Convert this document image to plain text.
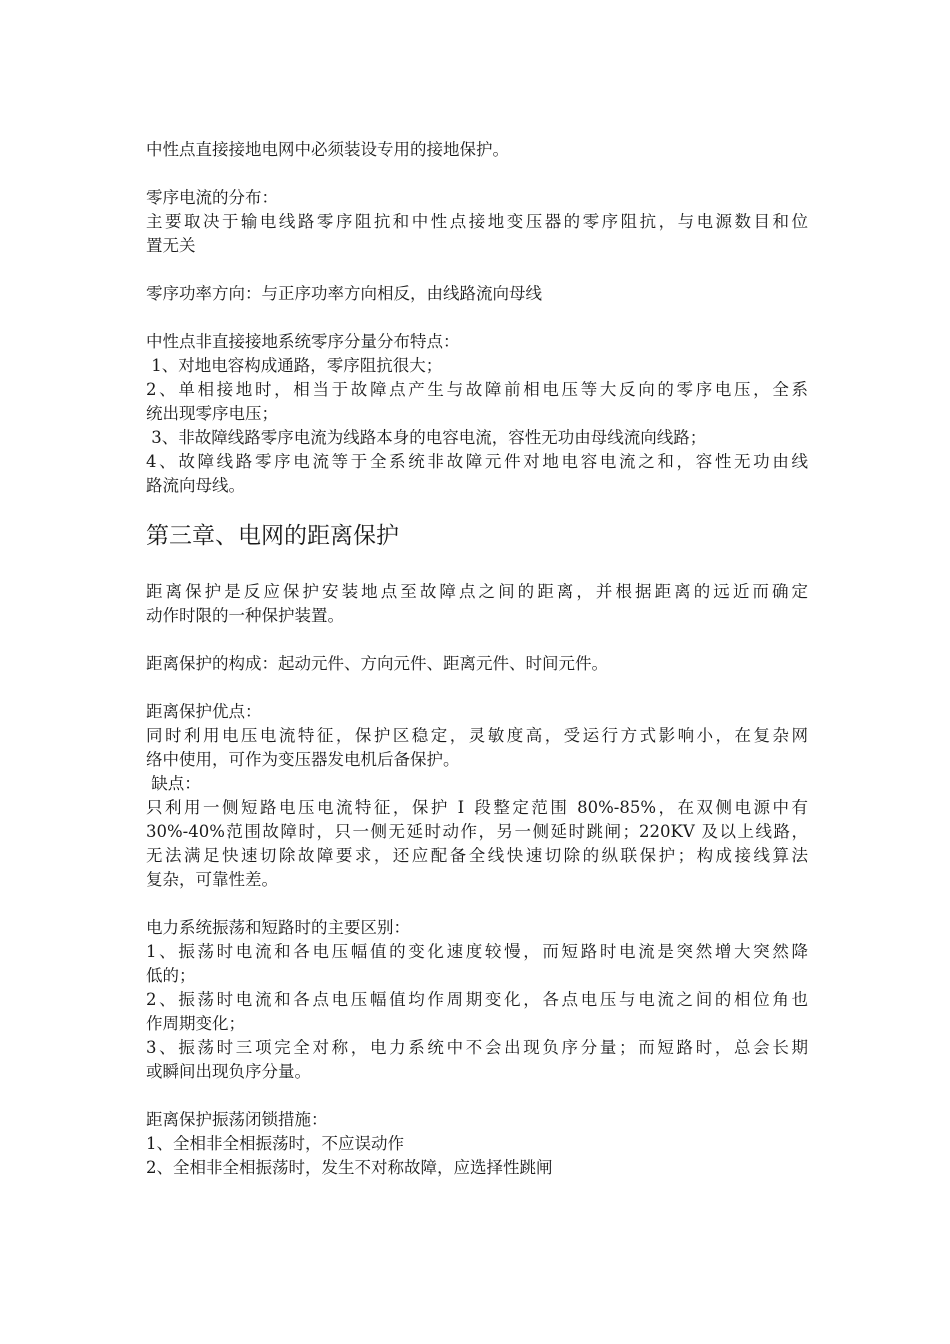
中性点直接接地电网中必须装设专用的接地保护。
零序电流的分布：
主要取决于输电线路零序阻抗和中性点接地变压器的零序阻抗，与电源数目和位
置无关
零序功率方向：与正序功率方向相反，由线路流向母线
中性点非直接接地系统零序分量分布特点：
1、对地电容构成通路，零序阻抗很大；
2、单相接地时，相当于故障点产生与故障前相电压等大反向的零序电压，全系
统出现零序电压；
3、非故障线路零序电流为线路本身的电容电流，容性无功由母线流向线路；
4、故障线路零序电流等于全系统非故障元件对地电容电流之和，容性无功由线
路流向母线。
第三章、电网的距离保护
距离保护是反应保护安装地点至故障点之间的距离，并根据距离的远近而确定
动作时限的一种保护装置。
距离保护的构成：起动元件、方向元件、距离元件、时间元件。
距离保护优点：
同时利用电压电流特征，保护区稳定，灵敏度高，受运行方式影响小，在复杂网
络中使用，可作为变压器发电机后备保护。
缺点：
只利用一侧短路电压电流特征，保护 Ⅰ 段整定范围 80%-85%，在双侧电源中有
30%-40%范围故障时，只一侧无延时动作，另一侧延时跳闸；220KV 及以上线路，
无法满足快速切除故障要求，还应配备全线快速切除的纵联保护；构成接线算法
复杂，可靠性差。
电力系统振荡和短路时的主要区别：
1、振荡时电流和各电压幅值的变化速度较慢，而短路时电流是突然增大突然降
低的；
2、振荡时电流和各点电压幅值均作周期变化，各点电压与电流之间的相位角也
作周期变化；
3、振荡时三项完全对称，电力系统中不会出现负序分量；而短路时，总会长期
或瞬间出现负序分量。
距离保护振荡闭锁措施：
1、全相非全相振荡时，不应误动作
2、全相非全相振荡时，发生不对称故障，应选择性跳闸
